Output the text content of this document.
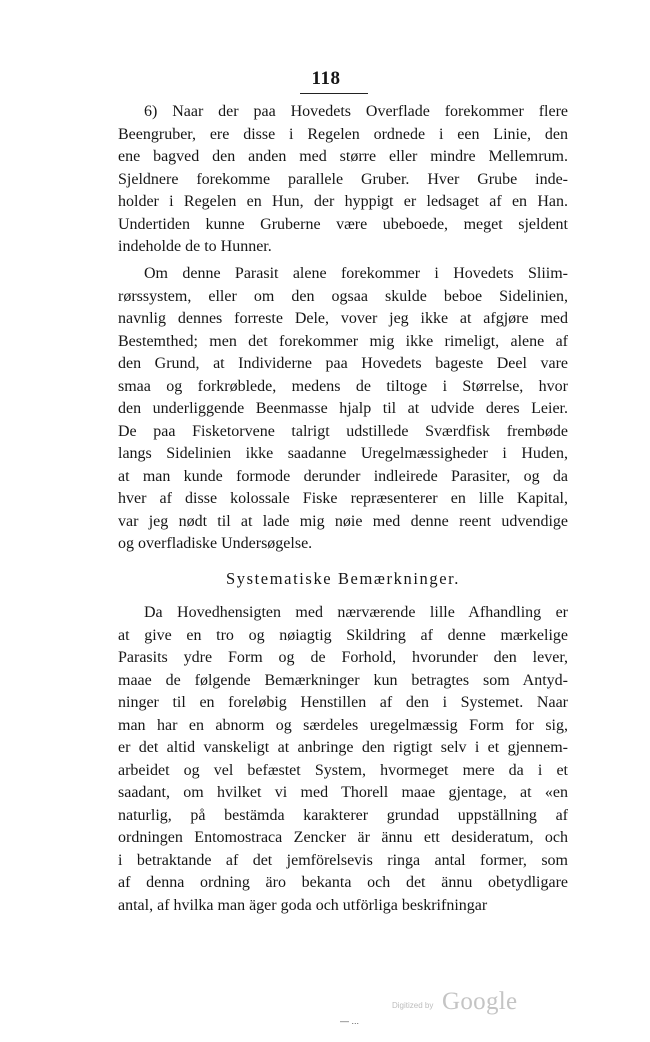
118
6) Naar der paa Hovedets Overflade forekommer flere
Beengruber, ere disse i Regelen ordnede i een Linie, den
ene bagved den anden med større eller mindre Mellemrum.
Sjeldnere forekomme parallele Gruber. Hver Grube inde-
holder i Regelen en Hun, der hyppigt er ledsaget af en Han.
Undertiden kunne Gruberne være ubeboede, meget sjeldent
indeholde de to Hunner.
Om denne Parasit alene forekommer i Hovedets Sliim-
rørssystem, eller om den ogsaa skulde beboe Sidelinien,
navnlig dennes forreste Dele, vover jeg ikke at afgjøre med
Bestemthed; men det forekommer mig ikke rimeligt, alene af
den Grund, at Individerne paa Hovedets bageste Deel vare
smaa og forkrøblede, medens de tiltoge i Størrelse, hvor
den underliggende Beenmasse hjalp til at udvide deres Leier.
De paa Fisketorvene talrigt udstillede Sværdfisk frembøde
langs Sidelinien ikke saadanne Uregelmæssigheder i Huden,
at man kunde formode derunder indleirede Parasiter, og da
hver af disse kolossale Fiske repræsenterer en lille Kapital,
var jeg nødt til at lade mig nøie med denne reent udvendige
og overfladiske Undersøgelse.
Systematiske Bemærkninger.
Da Hovedhensigten med nærværende lille Afhandling er
at give en tro og nøiagtig Skildring af denne mærkelige
Parasits ydre Form og de Forhold, hvorunder den lever,
maae de følgende Bemærkninger kun betragtes som Antyd-
ninger til en foreløbig Henstillen af den i Systemet. Naar
man har en abnorm og særdeles uregelmæssig Form for sig,
er det altid vanskeligt at anbringe den rigtigt selv i et gjennem-
arbeidet og vel befæstet System, hvormeget mere da i et
saadant, om hvilket vi med Thorell maae gjentage, at «en
naturlig, på bestämda karakterer grundad uppställning af
ordningen Entomostraca Zencker är ännu ett desideratum, och
i betraktande af det jemförelsevis ringa antal former, som
af denna ordning äro bekanta och det ännu obetydligare
antal, af hvilka man äger goda och utförliga beskrifningar
Digitized by Google
— ...
